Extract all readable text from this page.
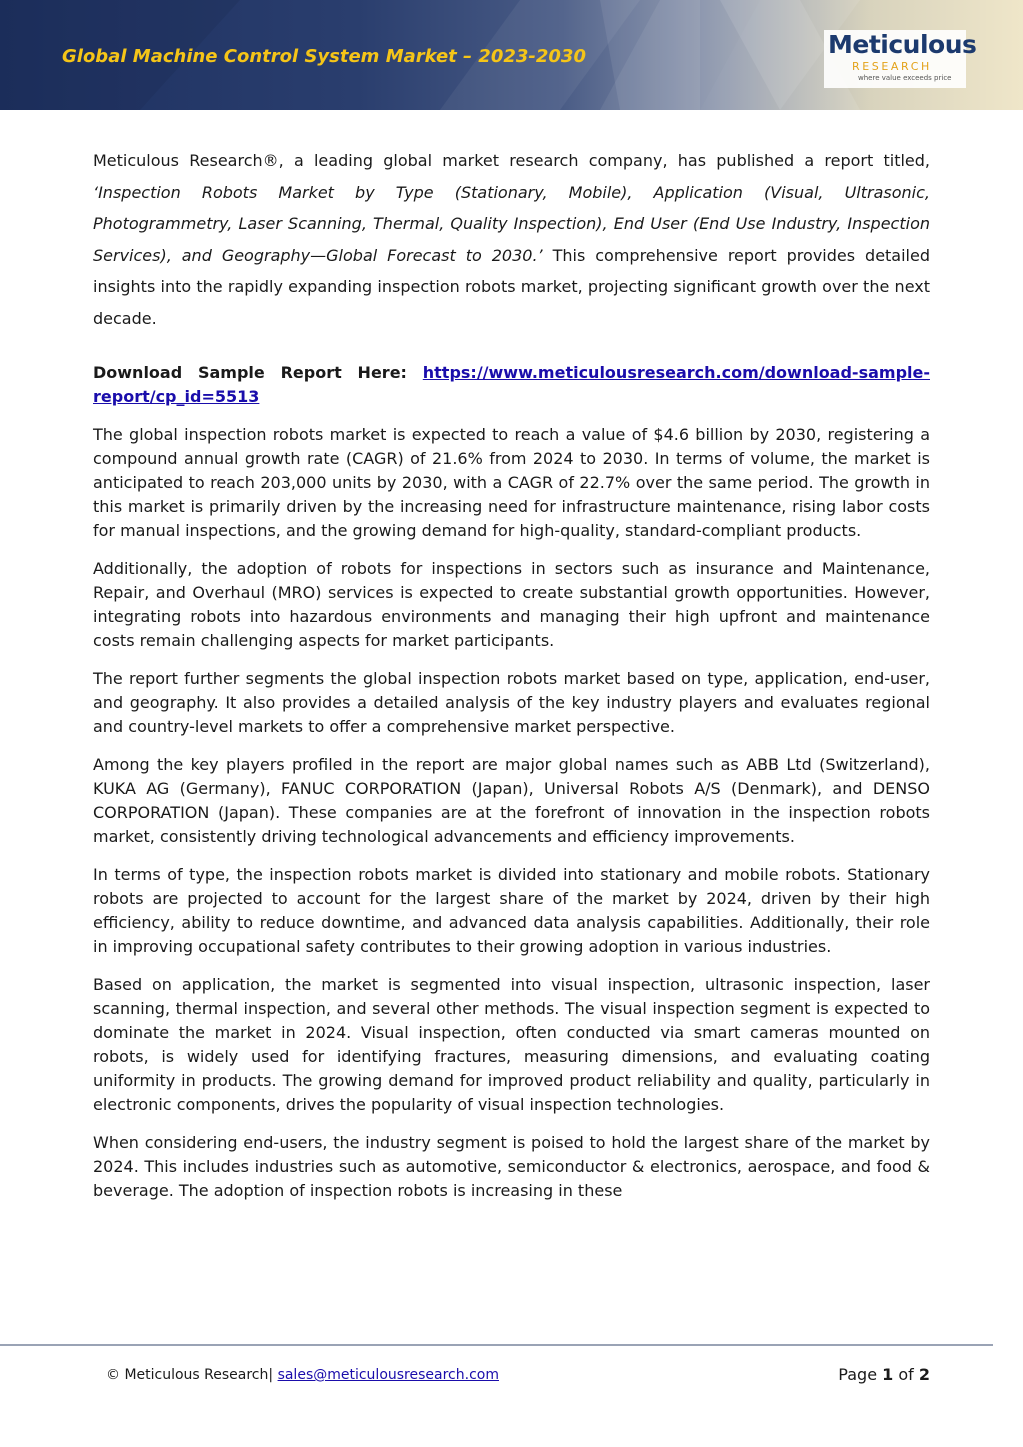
Global Machine Control System Market – 2023-2030	Meticulous
RESEARCH
where value exceeds price

Meticulous Research®, a leading global market research company, has published a report titled, ‘Inspection Robots Market by Type (Stationary, Mobile), Application (Visual, Ultrasonic, Photogrammetry, Laser Scanning, Thermal, Quality Inspection), End User (End Use Industry, Inspection Services), and Geography—Global Forecast to 2030.’ This comprehensive report provides detailed insights into the rapidly expanding inspection robots market, projecting significant growth over the next decade.

Download Sample Report Here: https://www.meticulousresearch.com/download-sample-report/cp_id=5513

The global inspection robots market is expected to reach a value of $4.6 billion by 2030, registering a compound annual growth rate (CAGR) of 21.6% from 2024 to 2030. In terms of volume, the market is anticipated to reach 203,000 units by 2030, with a CAGR of 22.7% over the same period. The growth in this market is primarily driven by the increasing need for infrastructure maintenance, rising labor costs for manual inspections, and the growing demand for high-quality, standard-compliant products.

Additionally, the adoption of robots for inspections in sectors such as insurance and Maintenance, Repair, and Overhaul (MRO) services is expected to create substantial growth opportunities. However, integrating robots into hazardous environments and managing their high upfront and maintenance costs remain challenging aspects for market participants.

The report further segments the global inspection robots market based on type, application, end-user, and geography. It also provides a detailed analysis of the key industry players and evaluates regional and country-level markets to offer a comprehensive market perspective.

Among the key players profiled in the report are major global names such as ABB Ltd (Switzerland), KUKA AG (Germany), FANUC CORPORATION (Japan), Universal Robots A/S (Denmark), and DENSO CORPORATION (Japan). These companies are at the forefront of innovation in the inspection robots market, consistently driving technological advancements and efficiency improvements.

In terms of type, the inspection robots market is divided into stationary and mobile robots. Stationary robots are projected to account for the largest share of the market by 2024, driven by their high efficiency, ability to reduce downtime, and advanced data analysis capabilities. Additionally, their role in improving occupational safety contributes to their growing adoption in various industries.

Based on application, the market is segmented into visual inspection, ultrasonic inspection, laser scanning, thermal inspection, and several other methods. The visual inspection segment is expected to dominate the market in 2024. Visual inspection, often conducted via smart cameras mounted on robots, is widely used for identifying fractures, measuring dimensions, and evaluating coating uniformity in products. The growing demand for improved product reliability and quality, particularly in electronic components, drives the popularity of visual inspection technologies.

When considering end-users, the industry segment is poised to hold the largest share of the market by 2024. This includes industries such as automotive, semiconductor & electronics, aerospace, and food & beverage. The adoption of inspection robots is increasing in these

© Meticulous Research| sales@meticulousresearch.com	Page 1 of 2
